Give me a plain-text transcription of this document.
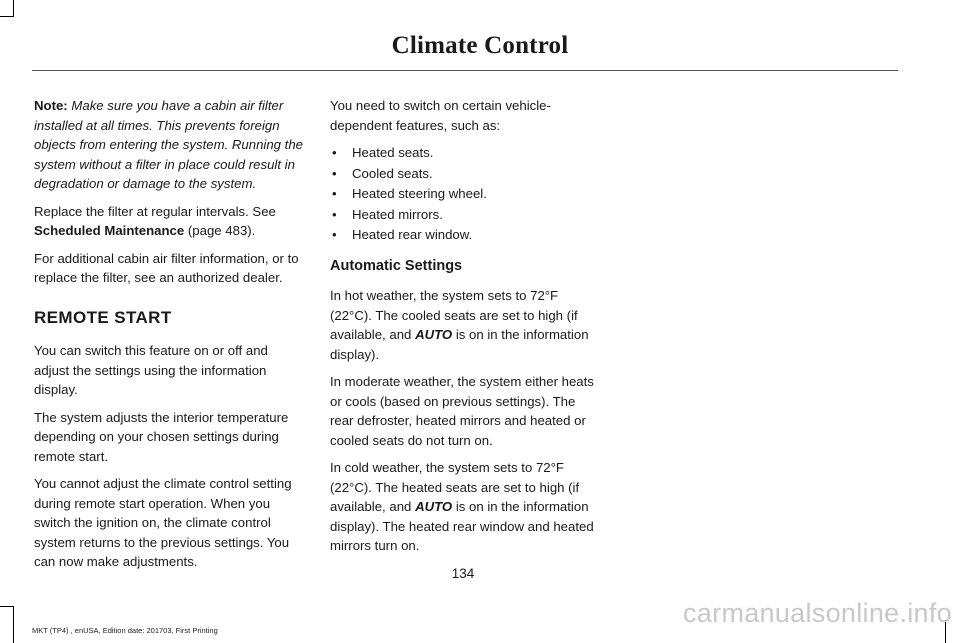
Climate Control

Note: Make sure you have a cabin air filter installed at all times. This prevents foreign objects from entering the system. Running the system without a filter in place could result in degradation or damage to the system.

Replace the filter at regular intervals. See Scheduled Maintenance (page 483).

For additional cabin air filter information, or to replace the filter, see an authorized dealer.

REMOTE START

You can switch this feature on or off and adjust the settings using the information display.

The system adjusts the interior temperature depending on your chosen settings during remote start.

You cannot adjust the climate control setting during remote start operation. When you switch the ignition on, the climate control system returns to the previous settings. You can now make adjustments.

You need to switch on certain vehicle-dependent features, such as:

• Heated seats.
• Cooled seats.
• Heated steering wheel.
• Heated mirrors.
• Heated rear window.
Automatic Settings

In hot weather, the system sets to 72°F (22°C). The cooled seats are set to high (if available, and AUTO is on in the information display).

In moderate weather, the system either heats or cools (based on previous settings). The rear defroster, heated mirrors and heated or cooled seats do not turn on.

In cold weather, the system sets to 72°F (22°C). The heated seats are set to high (if available, and AUTO is on in the information display). The heated rear window and heated mirrors turn on.

134
MKT (TP4) , enUSA, Edition date: 201703, First Printing
carmanualsonline.info
